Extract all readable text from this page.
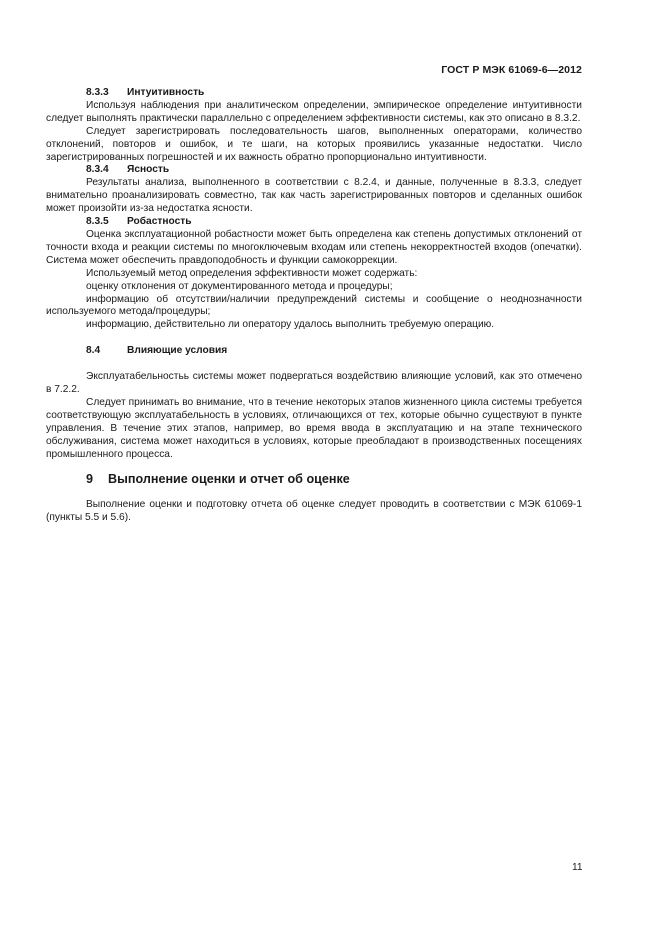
ГОСТ Р МЭК 61069-6—2012

8.3.3 Интуитивность

Используя наблюдения при аналитическом определении, эмпирическое определение интуитивности следует выполнять практически параллельно с определением эффективности системы, как это описано в 8.3.2.

Следует зарегистрировать последовательность шагов, выполненных операторами, количество отклонений, повторов и ошибок, и те шаги, на которых проявились указанные недостатки. Число зарегистрированных погрешностей и их важность обратно пропорционально интуитивности.

8.3.4 Ясность

Результаты анализа, выполненного в соответствии с 8.2.4, и данные, полученные в 8.3.3, следует внимательно проанализировать совместно, так как часть зарегистрированных повторов и сделанных ошибок может произойти из-за недостатка ясности.

8.3.5 Робастность

Оценка эксплуатационной робастности может быть определена как степень допустимых отклонений от точности входа и реакции системы по многоключевым входам или степень некорректностей входов (опечатки). Система может обеспечить правдоподобность и функции самокоррекции.

Используемый метод определения эффективности может содержать:

оценку отклонения от документированного метода и процедуры;

информацию об отсутствии/наличии предупреждений системы и сообщение о неоднозначности используемого метода/процедуры;

информацию, действительно ли оператору удалось выполнить требуемую операцию.

8.4	Влияющие условия

Эксплуатабельностьь системы может подвергаться воздействию влияющие условий, как это отмечено в 7.2.2.

Следует принимать во внимание, что в течение некоторых этапов жизненного цикла системы требуется соответствующую эксплуатабельность в условиях, отличающихся от тех, которые обычно существуют в пункте управления. В течение этих этапов, например, во время ввода в эксплуатацию и на этапе технического обслуживания, система может находиться в условиях, которые преобладают в производственных посещениях промышленного процесса.

9 Выполнение оценки и отчет об оценке

Выполнение оценки и подготовку отчета об оценке следует проводить в соответствии с МЭК 61069-1 (пункты 5.5 и 5.6).

11
